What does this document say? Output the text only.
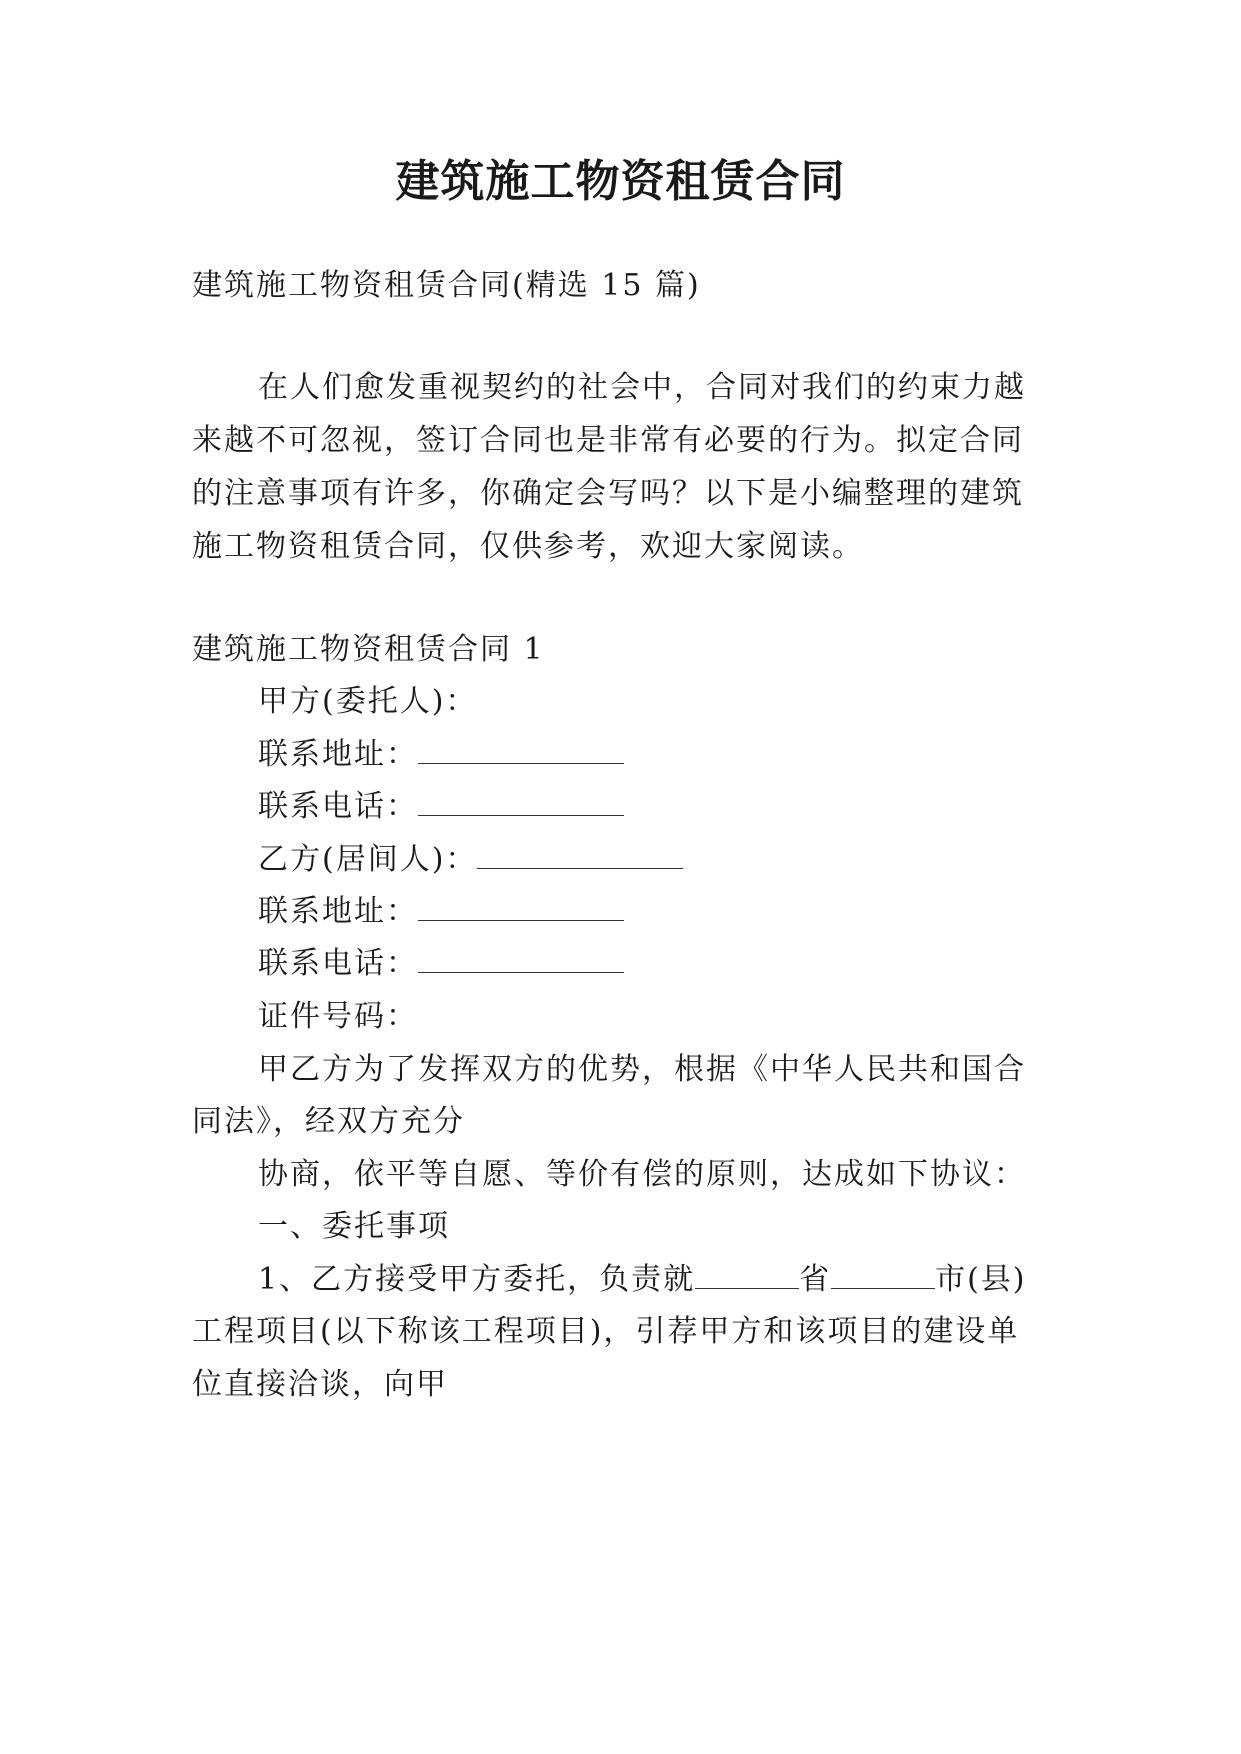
建筑施工物资租赁合同
建筑施工物资租赁合同(精选 15 篇)
在人们愈发重视契约的社会中，合同对我们的约束力越
来越不可忽视，签订合同也是非常有必要的行为。拟定合同
的注意事项有许多，你确定会写吗？以下是小编整理的建筑
施工物资租赁合同，仅供参考，欢迎大家阅读。
建筑施工物资租赁合同 1
甲方(委托人)：
联系地址：
联系电话：
乙方(居间人)：
联系地址：
联系电话：
证件号码：
甲乙方为了发挥双方的优势，根据《中华人民共和国合
同法》，经双方充分
协商，依平等自愿、等价有偿的原则，达成如下协议：
一、委托事项
1、乙方接受甲方委托，负责就	省	市(县)
工程项目(以下称该工程项目)，引荐甲方和该项目的建设单
位直接洽谈，向甲
